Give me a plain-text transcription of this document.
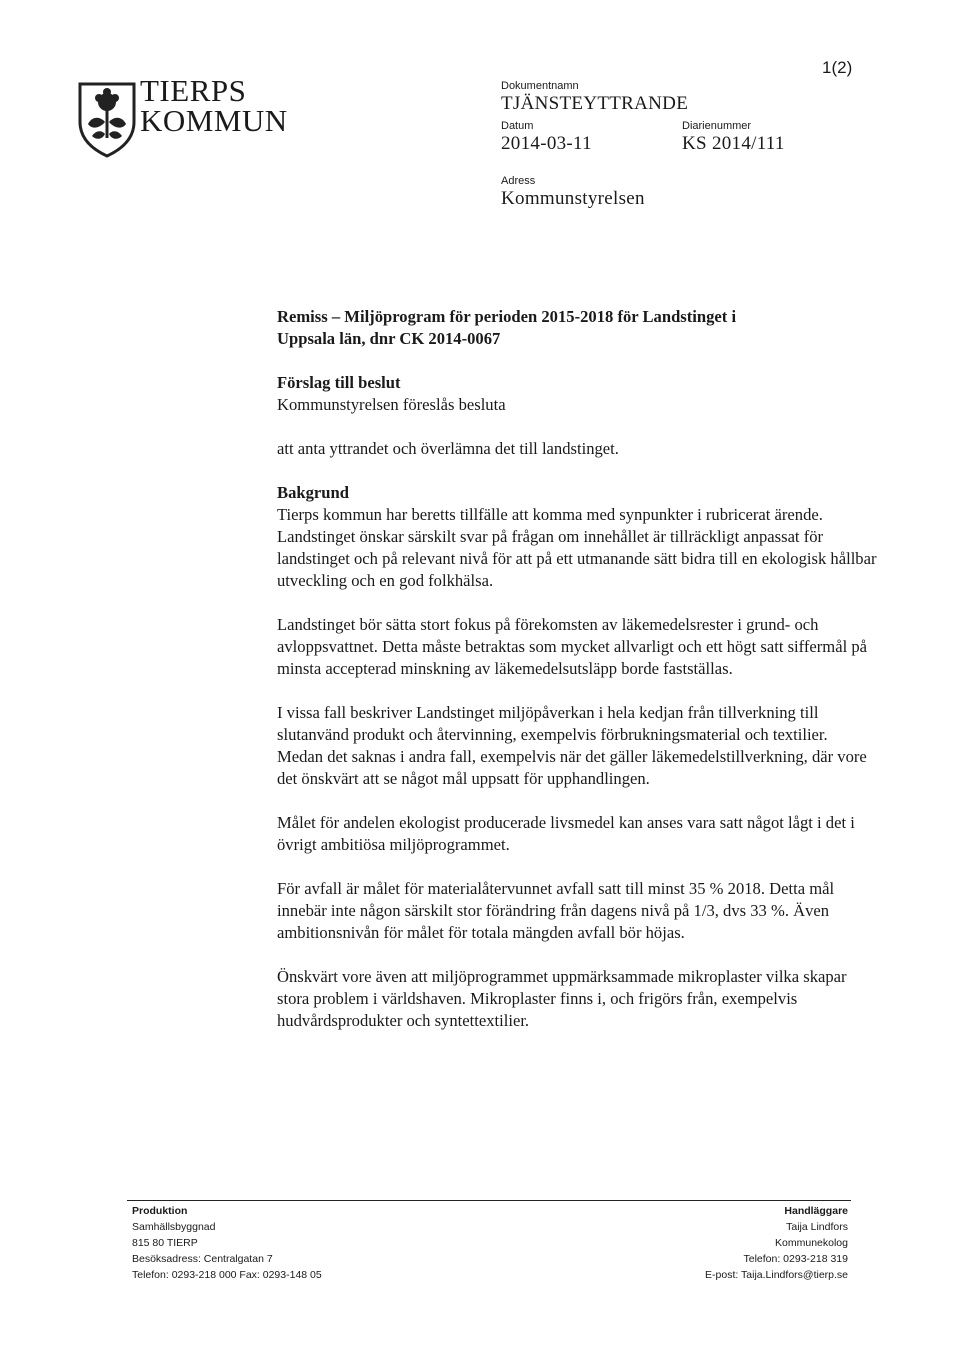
TIERPS
KOMMUN
1(2)
Dokumentnamn
TJÄNSTEYTTRANDE
Datum
2014-03-11
Diarienummer
KS 2014/111
Adress
Kommunstyrelsen

Remiss – Miljöprogram för perioden 2015-2018 för Landstinget i

Uppsala län, dnr CK 2014-0067

Förslag till beslut

Kommunstyrelsen föreslås besluta

att anta yttrandet och överlämna det till landstinget.

Bakgrund

Tierps kommun har beretts tillfälle att komma med synpunkter i rubricerat ärende. Landstinget önskar särskilt svar på frågan om innehållet är tillräckligt anpassat för landstinget och på relevant nivå för att på ett utmanande sätt bidra till en ekologisk hållbar utveckling och en god folkhälsa.

Landstinget bör sätta stort fokus på förekomsten av läkemedelsrester i grund- och avloppsvattnet. Detta måste betraktas som mycket allvarligt och ett högt satt siffermål på minsta accepterad minskning av läkemedelsutsläpp borde fastställas.

I vissa fall beskriver Landstinget miljöpåverkan i hela kedjan från tillverkning till slutanvänd produkt och återvinning, exempelvis förbrukningsmaterial och textilier. Medan det saknas i andra fall, exempelvis när det gäller läkemedelstillverkning, där vore det önskvärt att se något mål uppsatt för upphandlingen.

Målet för andelen ekologist producerade livsmedel kan anses vara satt något lågt i det i övrigt ambitiösa miljöprogrammet.

För avfall är målet för materialåtervunnet avfall satt till minst 35 % 2018. Detta mål innebär inte någon särskilt stor förändring från dagens nivå på 1/3, dvs 33 %. Även ambitionsnivån för målet för totala mängden avfall bör höjas.

Önskvärt vore även att miljöprogrammet uppmärksammade mikroplaster vilka skapar stora problem i världshaven. Mikroplaster finns i, och frigörs från, exempelvis hudvårdsprodukter och syntettextilier.

Produktion
Samhällsbyggnad
815 80 TIERP
Besöksadress: Centralgatan 7
Telefon: 0293-218 000 Fax: 0293-148 05
Handläggare
Taija Lindfors
Kommunekolog
Telefon: 0293-218 319
E-post: Taija.Lindfors@tierp.se
